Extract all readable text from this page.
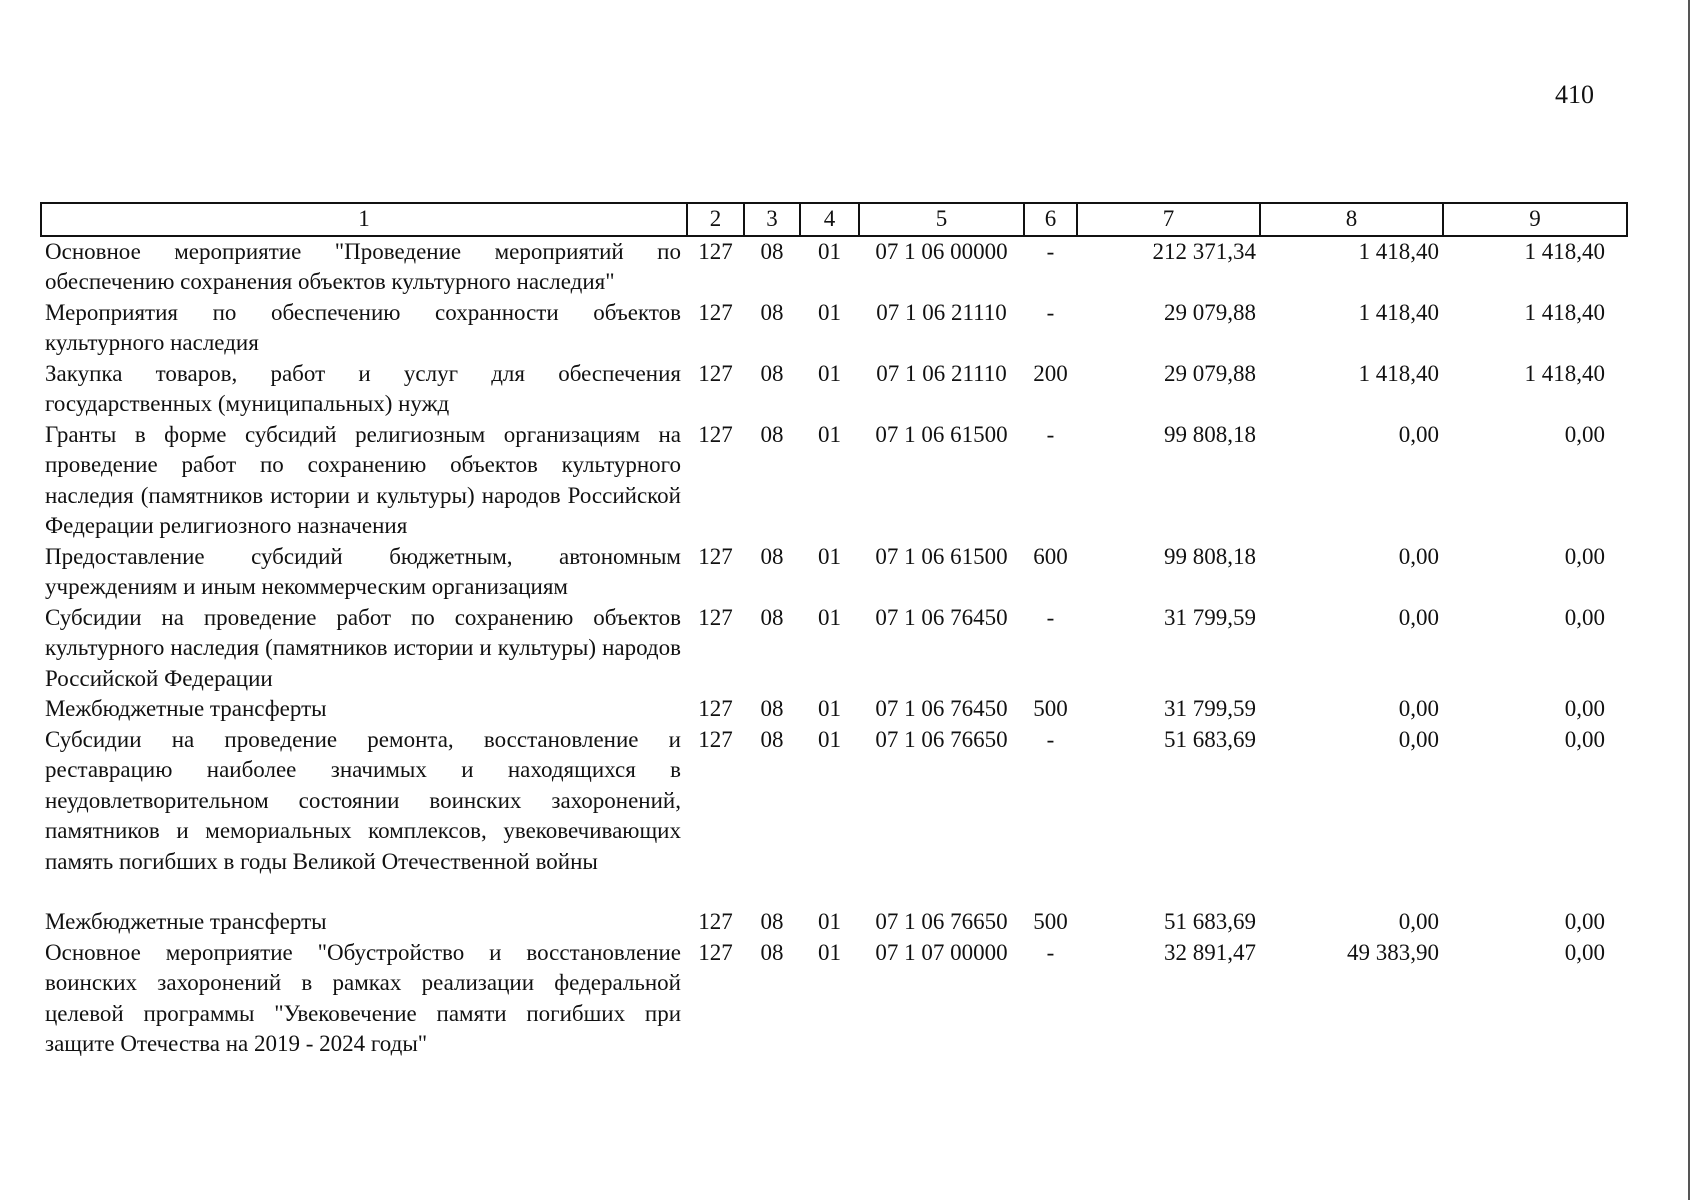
410
1	2	3	4	5	6	7	8	9
Основное мероприятие "Проведение мероприятий по обеспечению сохранения объектов культурного наследия"	127	08	01	07 1 06 00000	-	212 371,34	1 418,40	1 418,40
Мероприятия по обеспечению сохранности объектов культурного наследия	127	08	01	07 1 06 21110	-	29 079,88	1 418,40	1 418,40
Закупка товаров, работ и услуг для обеспечения государственных (муниципальных) нужд	127	08	01	07 1 06 21110	200	29 079,88	1 418,40	1 418,40
Гранты в форме субсидий религиозным организациям на проведение работ по сохранению объектов культурного наследия (памятников истории и культуры) народов Российской Федерации религиозного назначения	127	08	01	07 1 06 61500	-	99 808,18	0,00	0,00
Предоставление субсидий бюджетным, автономным учреждениям и иным некоммерческим организациям	127	08	01	07 1 06 61500	600	99 808,18	0,00	0,00
Субсидии на проведение работ по сохранению объектов культурного наследия (памятников истории и культуры) народов Российской Федерации	127	08	01	07 1 06 76450	-	31 799,59	0,00	0,00
Межбюджетные трансферты	127	08	01	07 1 06 76450	500	31 799,59	0,00	0,00
Субсидии на проведение ремонта, восстановление и реставрацию наиболее значимых и находящихся в неудовлетворительном состоянии воинских захоронений, памятников и мемориальных комплексов, увековечивающих память погибших в годы Великой Отечественной войны	127	08	01	07 1 06 76650	-	51 683,69	0,00	0,00
Межбюджетные трансферты	127	08	01	07 1 06 76650	500	51 683,69	0,00	0,00
Основное мероприятие "Обустройство и восстановление воинских захоронений в рамках реализации федеральной целевой программы "Увековечение памяти погибших при защите Отечества на 2019 - 2024 годы"	127	08	01	07 1 07 00000	-	32 891,47	49 383,90	0,00
